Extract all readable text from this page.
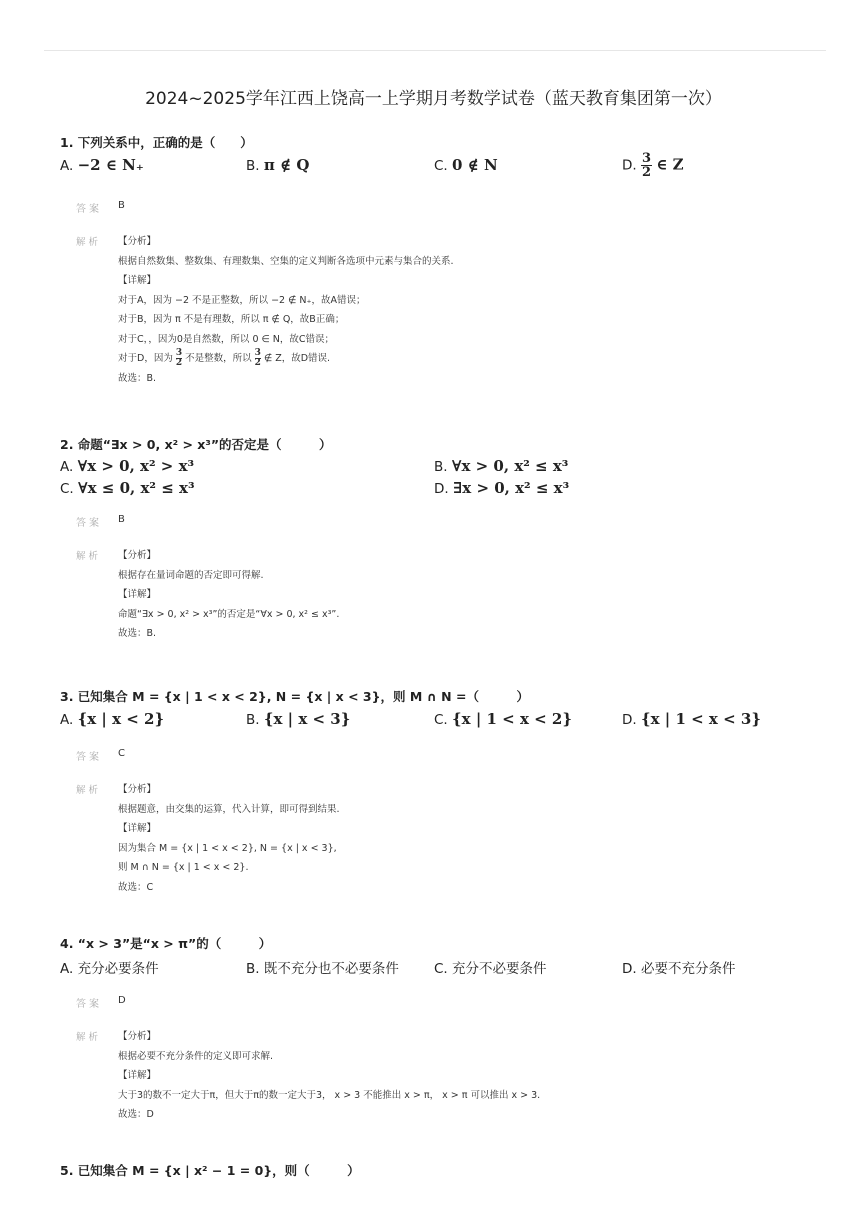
2024~2025学年江西上饶高一上学期月考数学试卷（蓝天教育集团第一次）
1. 下列关系中，正确的是（　　）
A. −2 ∈ N₊	B. π ∉ Q	C. 0 ∉ N	D. $\frac{3}{2}$ ∈ Z
答案 B
解析 【分析】
根据自然数集、整数集、有理数集、空集的定义判断各选项中元素与集合的关系.
【详解】
对于A，因为 −2 不是正整数，所以 −2 ∉ N₊，故A错误；
对于B，因为 π 不是有理数，所以 π ∉ Q，故B正确；
对于C，，因为0是自然数，所以 0 ∈ N，故C错误；
对于D，因为 $\frac{3}{2}$ 不是整数，所以 $\frac{3}{2}$ ∉ Z，故D错误.
故选：B.
2. 命题“∃x > 0, x² > x³”的否定是（　　　）
A. ∀x > 0, x² > x³	B. ∀x > 0, x² ≤ x³
C. ∀x ≤ 0, x² ≤ x³	D. ∃x > 0, x² ≤ x³
答案 B
解析 【分析】
根据存在量词命题的否定即可得解.
【详解】
命题“∃x > 0, x² > x³”的否定是“∀x > 0, x² ≤ x³”.
故选：B.
3. 已知集合 M = {x | 1 < x < 2}, N = {x | x < 3}，则 M ∩ N =（　　　）
A. {x | x < 2}	B. {x | x < 3}	C. {x | 1 < x < 2}	D. {x | 1 < x < 3}
答案 C
解析 【分析】
根据题意，由交集的运算，代入计算，即可得到结果.
【详解】
因为集合 M = {x | 1 < x < 2}, N = {x | x < 3},
则 M ∩ N = {x | 1 < x < 2}.
故选：C
4. “x > 3”是“x > π”的（　　　）
A. 充分必要条件	B. 既不充分也不必要条件	C. 充分不必要条件	D. 必要不充分条件
答案 D
解析 【分析】
根据必要不充分条件的定义即可求解.
【详解】
大于3的数不一定大于π，但大于π的数一定大于3， x > 3 不能推出 x > π， x > π 可以推出 x > 3.
故选：D
5. 已知集合 M = {x | x² − 1 = 0}，则（　　　）
